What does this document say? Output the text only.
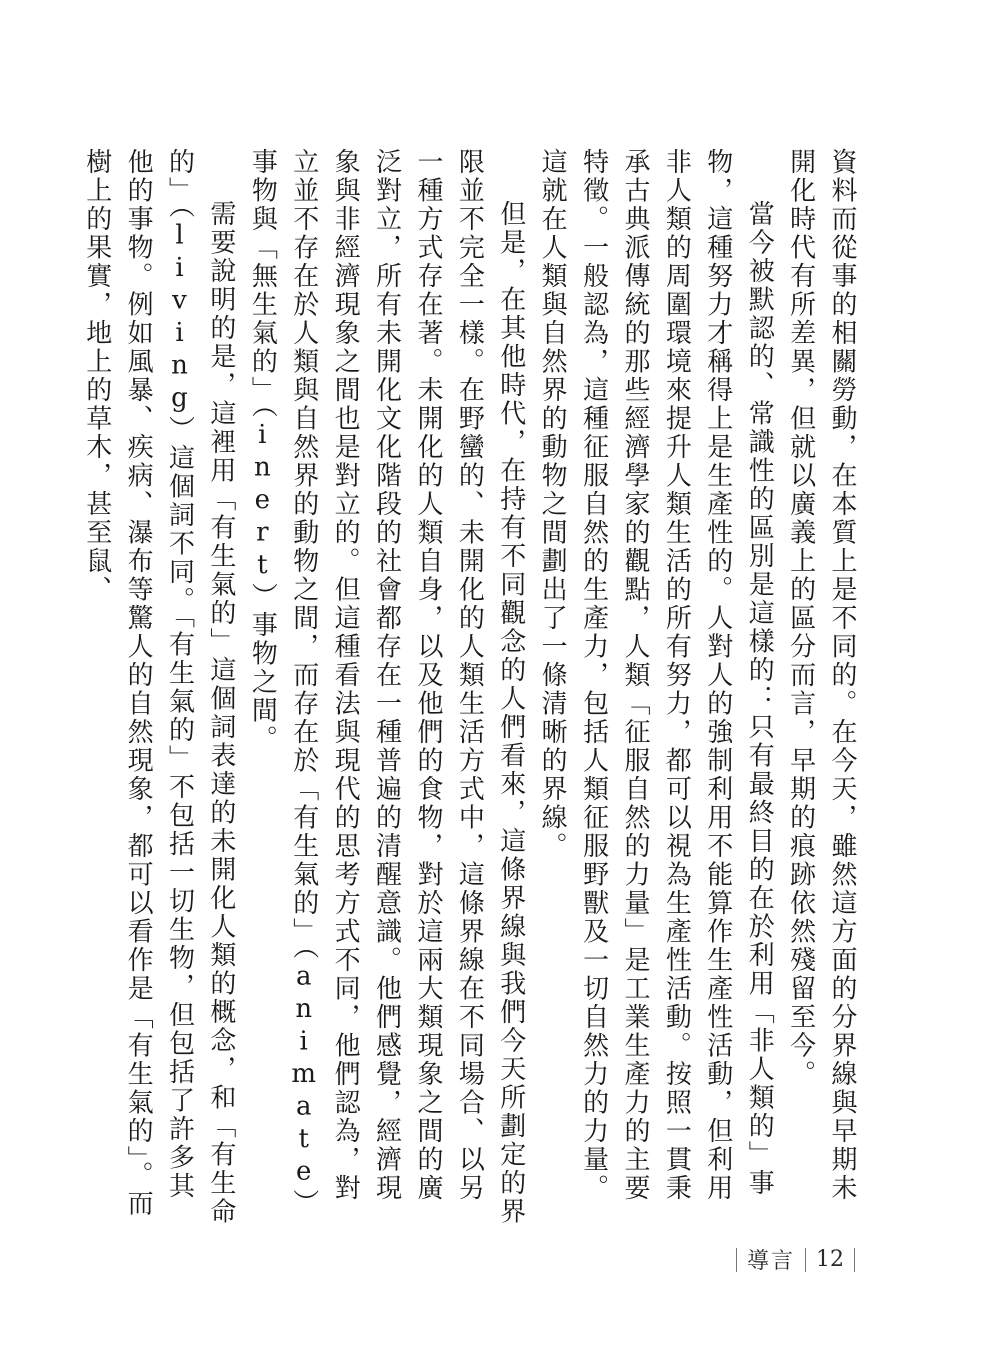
資料而從事的相關勞動，在本質上是不同的。在今天，雖然這方面的分界線與早期未開化時代有所差異，但就以廣義上的區分而言，早期的痕跡依然殘留至今。

當今被默認的、常識性的區別是這樣的：只有最終目的在於利用「非人類的」事物，這種努力才稱得上是生產性的。人對人的強制利用不能算作生產性活動，但利用非人類的周圍環境來提升人類生活的所有努力，都可以視為生產性活動。按照一貫秉承古典派傳統的那些經濟學家的觀點，人類「征服自然的力量」是工業生產力的主要特徵。一般認為，這種征服自然的生產力，包括人類征服野獸及一切自然力的力量。這就在人類與自然界的動物之間劃出了一條清晰的界線。

但是，在其他時代，在持有不同觀念的人們看來，這條界線與我們今天所劃定的界限並不完全一樣。在野蠻的、未開化的人類生活方式中，這條界線在不同場合、以另一種方式存在著。未開化的人類自身，以及他們的食物，對於這兩大類現象之間的廣泛對立，所有未開化文化階段的社會都存在一種普遍的清醒意識。他們感覺，經濟現象與非經濟現象之間也是對立的。但這種看法與現代的思考方式不同，他們認為，對立並不存在於人類與自然界的動物之間，而存在於「有生氣的」（animate）事物與「無生氣的」（inert）事物之間。

需要說明的是，這裡用「有生氣的」這個詞表達的未開化人類的概念，和「有生命的」（living）這個詞不同。「有生氣的」不包括一切生物，但包括了許多其他的事物。例如風暴、疾病、瀑布等驚人的自然現象，都可以看作是「有生氣的」。而樹上的果實，地上的草木，甚至鼠、

導言 12
